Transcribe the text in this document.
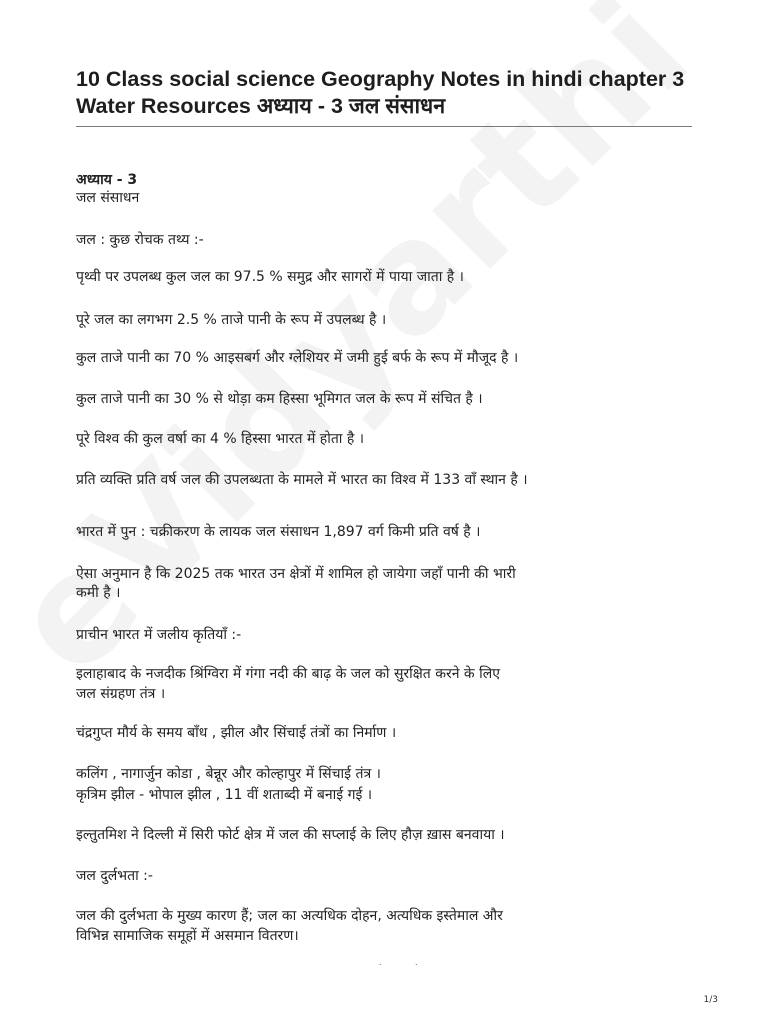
10 Class social science Geography Notes in hindi chapter 3 Water Resources अध्याय - 3 जल संसाधन
अध्याय - 3
जल संसाधन
जल : कुछ रोचक तथ्य :-
पृथ्वी पर उपलब्ध कुल जल का 97.5 % समुद्र और सागरों में पाया जाता है ।
पूरे जल का लगभग 2.5 % ताजे पानी के रूप में उपलब्ध है ।
कुल ताजे पानी का 70 % आइसबर्ग और ग्लेशियर में जमी हुई बर्फ के रूप में मौजूद है ।
कुल ताजे पानी का 30 % से थोड़ा कम हिस्सा भूमिगत जल के रूप में संचित है ।
पूरे विश्व की कुल वर्षा का 4 % हिस्सा भारत में होता है ।
प्रति व्यक्ति प्रति वर्ष जल की उपलब्धता के मामले में भारत का विश्व में 133 वाँ स्थान है ।
भारत में पुन : चक्रीकरण के लायक जल संसाधन 1,897 वर्ग किमी प्रति वर्ष है ।
ऐसा अनुमान है कि 2025 तक भारत उन क्षेत्रों में शामिल हो जायेगा जहाँ पानी की भारी
कमी है ।
प्राचीन भारत में जलीय कृतियाँ :-
इलाहाबाद के नजदीक श्रिंग्विरा में गंगा नदी की बाढ़ के जल को सुरक्षित करने के लिए
जल संग्रहण तंत्र ।
चंद्रगुप्त मौर्य के समय बाँध , झील और सिंचाई तंत्रों का निर्माण ।
कलिंग , नागार्जुन कोडा , बेन्नूर और कोल्हापुर में सिंचाई तंत्र ।
कृत्रिम झील - भोपाल झील , 11 वीं शताब्दी में बनाई गई ।
इल्तुतमिश ने दिल्ली में सिरी फोर्ट क्षेत्र में जल की सप्लाई के लिए हौज़ ख़ास बनवाया ।
जल दुर्लभता :-
जल की दुर्लभता के मुख्य कारण हैं; जल का अत्यधिक दोहन, अत्यधिक इस्तेमाल और
विभिन्न सामाजिक समूहों में असमान वितरण।
˙           ˙
1/3
